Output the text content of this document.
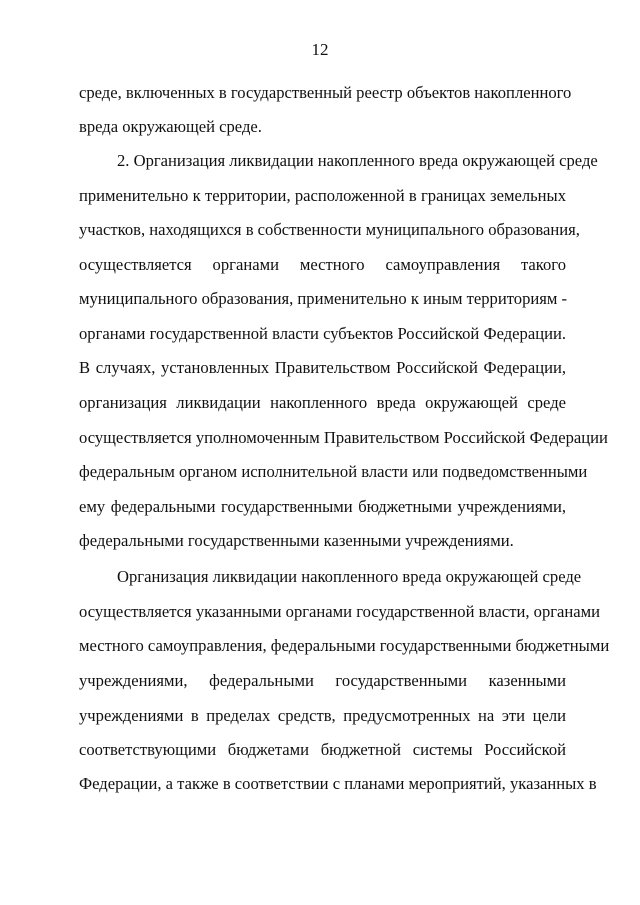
12
среде, включенных в государственный реестр объектов накопленного
вреда окружающей среде.
2. Организация ликвидации накопленного вреда окружающей среде
применительно к территории, расположенной в границах земельных
участков, находящихся в собственности муниципального образования,
осуществляется органами местного самоуправления такого
муниципального образования, применительно к иным территориям -
органами государственной власти субъектов Российской Федерации.
В случаях, установленных Правительством Российской Федерации,
организация ликвидации накопленного вреда окружающей среде
осуществляется уполномоченным Правительством Российской Федерации
федеральным органом исполнительной власти или подведомственными
ему федеральными государственными бюджетными учреждениями,
федеральными государственными казенными учреждениями.
Организация ликвидации накопленного вреда окружающей среде
осуществляется указанными органами государственной власти, органами
местного самоуправления, федеральными государственными бюджетными
учреждениями, федеральными государственными казенными
учреждениями в пределах средств, предусмотренных на эти цели
соответствующими бюджетами бюджетной системы Российской
Федерации, а также в соответствии с планами мероприятий, указанных в
